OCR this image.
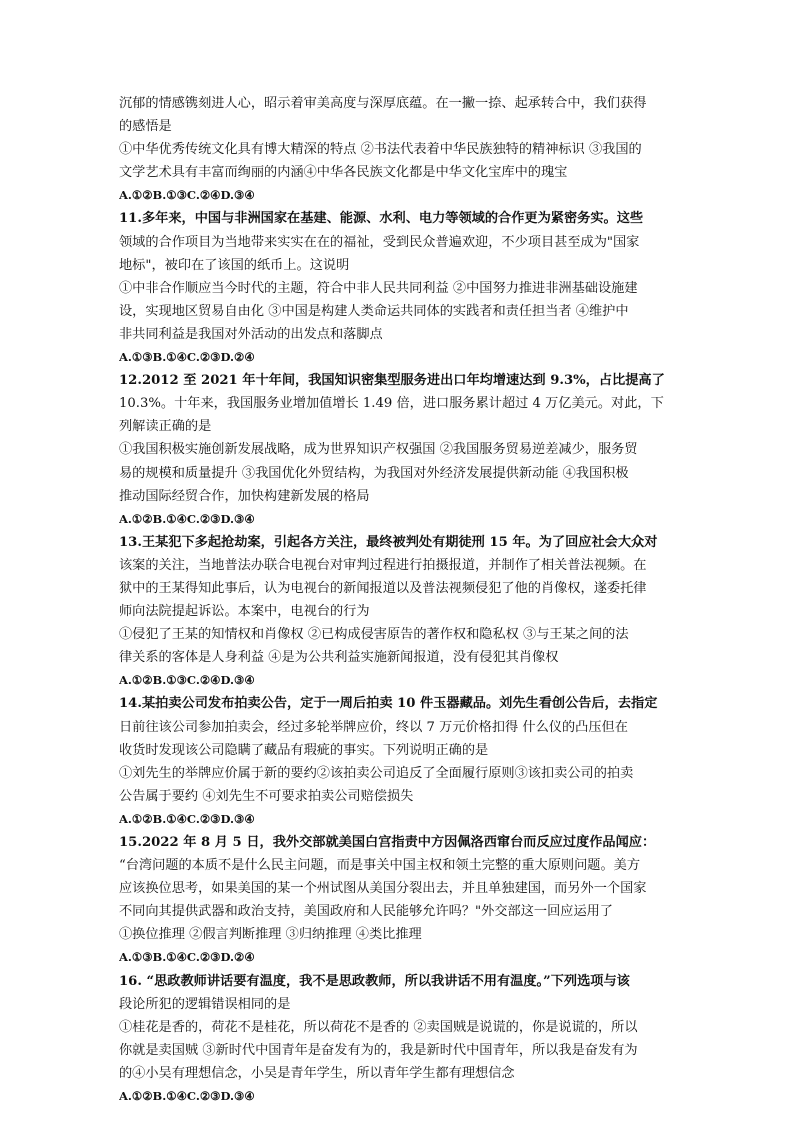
沉郁的情感镌刻进人心，昭示着审美高度与深厚底蕴。在一撇一捺、起承转合中，我们获得
的感悟是
①中华优秀传统文化具有博大精深的特点 ②书法代表着中华民族独特的精神标识 ③我国的
文学艺术具有丰富而绚丽的内涵④中华各民族文化都是中华文化宝库中的瑰宝
A.①②B.①③C.②④D.③④
11.多年来，中国与非洲国家在基建、能源、水利、电力等领域的合作更为紧密务实。这些
领域的合作项目为当地带来实实在在的福祉，受到民众普遍欢迎，不少项目甚至成为"国家
地标"，被印在了该国的纸币上。这说明
①中非合作顺应当今时代的主题，符合中非人民共同利益 ②中国努力推进非洲基础设施建
设，实现地区贸易自由化 ③中国是构建人类命运共同体的实践者和责任担当者 ④维护中
非共同利益是我国对外活动的出发点和落脚点
A.①③B.①④C.②③D.②④
12.2012 至 2021 年十年间，我国知识密集型服务进出口年均增速达到 9.3%，占比提高了
10.3%。十年来，我国服务业增加值增长 1.49 倍，进口服务累计超过 4 万亿美元。对此，下
列解读正确的是
①我国积极实施创新发展战略，成为世界知识产权强国 ②我国服务贸易逆差减少，服务贸
易的规模和质量提升 ③我国优化外贸结构，为我国对外经济发展提供新动能 ④我国积极
推动国际经贸合作，加快构建新发展的格局
A.①②B.①④C.②③D.③④
13.王某犯下多起抢劫案，引起各方关注，最终被判处有期徒刑 15 年。为了回应社会大众对
该案的关注，当地普法办联合电视台对审判过程进行拍摄报道，并制作了相关普法视频。在
狱中的王某得知此事后，认为电视台的新闻报道以及普法视频侵犯了他的肖像权，遂委托律
师向法院提起诉讼。本案中，电视台的行为
①侵犯了王某的知情权和肖像权 ②已构成侵害原告的著作权和隐私权 ③与王某之间的法
律关系的客体是人身利益 ④是为公共利益实施新闻报道，没有侵犯其肖像权
A.①②B.①③C.②④D.③④
14.某拍卖公司发布拍卖公告，定于一周后拍卖 10 件玉器藏品。刘先生看创公告后，去指定
日前往该公司参加拍卖会，经过多轮举牌应价，终以 7 万元价格扣得 什么仪的凸压但在
收货时发现该公司隐瞒了藏品有瑕疵的事实。下列说明正确的是
①刘先生的举牌应价属于新的要约②该拍卖公司追反了全面履行原则③该扣卖公司的拍卖
公告属于要约 ④刘先生不可要求拍卖公司赔偿损失
A.①②B.①④C.②③D.③④
15.2022 年 8 月 5 日，我外交部就美国白宫指责中方因佩洛西窜台而反应过度作品闻应：
“台湾问题的本质不是什么民主问题，而是事关中国主权和领土完整的重大原则问题。美方
应该换位思考，如果美国的某一个州试图从美国分裂出去，并且单独建国，而另外一个国家
不同向其提供武器和政治支持，美国政府和人民能够允许吗？"外交部这一回应运用了
①换位推理 ②假言判断推理 ③归纳推理 ④类比推理
A.①③B.①④C.②③D.②④
16. “思政教师讲话要有温度，我不是思政教师，所以我讲话不用有温度。”下列选项与该
段论所犯的逻辑错误相同的是
①桂花是香的，荷花不是桂花，所以荷花不是香的 ②卖国贼是说谎的，你是说谎的，所以
你就是卖国贼 ③新时代中国青年是奋发有为的，我是新时代中国青年，所以我是奋发有为
的④小吴有理想信念，小吴是青年学生，所以青年学生都有理想信念
A.①②B.①④C.②③D.③④
